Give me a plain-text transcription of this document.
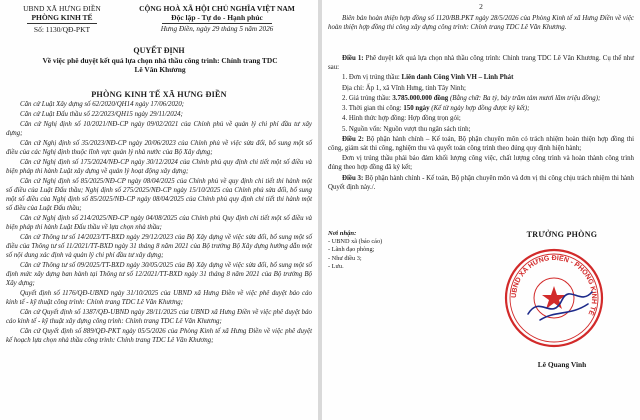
UBND XÃ HƯNG ĐIỀN
PHÒNG KINH TẾ
Số: 1130/QĐ-PKT
CỘNG HOÀ XÃ HỘI CHỦ NGHĨA VIỆT NAM
Độc lập - Tự do - Hạnh phúc
Hưng Điền, ngày 29 tháng 5 năm 2026
QUYẾT ĐỊNH
Về việc phê duyệt kết quả lựa chọn nhà thầu công trình: Chỉnh trang TDC Lê Văn Khương
PHÒNG KINH TẾ XÃ HƯNG ĐIỀN

Căn cứ Luật Xây dựng số 62/2020/QH14 ngày 17/06/2020;

Căn cứ Luật Đấu thầu số 22/2023/QH15 ngày 29/11/2024;

Căn cứ Nghị định số 10/2021/NĐ-CP ngày 09/02/2021 của Chính phủ về quản lý chi phí đầu tư xây dựng;

Căn cứ Nghị định số 35/2023/NĐ-CP ngày 20/06/2023 của Chính phủ về việc sửa đổi, bổ sung một số điều của các Nghị định thuộc lĩnh vực quản lý nhà nước của Bộ Xây dựng;

Căn cứ Nghị định số 175/2024/NĐ-CP ngày 30/12/2024 của Chính phủ quy định chi tiết một số điều và biện pháp thi hành Luật xây dựng về quản lý hoạt động xây dựng;

Căn cứ Nghị định số 85/2025/NĐ-CP ngày 08/04/2025 của Chính phủ về quy định chi tiết thi hành một số điều của Luật Đấu thầu; Nghị định số 275/2025/NĐ-CP ngày 15/10/2025 của Chính phủ sửa đổi, bổ sung một số điều của Nghị định số 85/2025/NĐ-CP ngày 08/04/2025 của Chính phủ quy định chi tiết thi hành một số điều của Luật Đấu thầu;

Căn cứ Nghị định số 214/2025/NĐ-CP ngày 04/08/2025 của Chính phủ Quy định chi tiết một số điều và biện pháp thi hành Luật Đấu thầu về lựa chọn nhà thầu;

Căn cứ Thông tư số 14/2023/TT-BXD ngày 29/12/2023 của Bộ Xây dựng về việc sửa đổi, bổ sung một số điều của Thông tư số 11/2021/TT-BXD ngày 31 tháng 8 năm 2021 của Bộ trưởng Bộ Xây dựng hướng dẫn một số nội dung xác định và quản lý chi phí đầu tư xây dựng;

Căn cứ Thông tư số 09/2025/TT-BXD ngày 30/05/2025 của Bộ Xây dựng về việc sửa đổi, bổ sung một số định mức xây dựng ban hành tại Thông tư số 12/2021/TT-BXD ngày 31 tháng 8 năm 2021 của Bộ trưởng Bộ Xây dựng;

Quyết định số 1176/QĐ-UBND ngày 31/10/2025 của UBND xã Hưng Điền về việc phê duyệt báo cáo kinh tế - kỹ thuật công trình: Chỉnh trang TDC Lê Văn Khương;

Căn cứ Quyết định số 1387/QĐ-UBND ngày 28/11/2025 của UBND xã Hưng Điền về việc phê duyệt báo cáo kinh tế - kỹ thuật xây dựng công trình: Chỉnh trang TDC Lê Văn Khương;

Căn cứ Quyết định số 889/QĐ-PKT ngày 05/5/2026 của Phòng Kinh tế xã Hưng Điền về việc phê duyệt kế hoạch lựa chọn nhà thầu công trình: Chỉnh trang TDC Lê Văn Khương;

2

Biên bản hoàn thiện hợp đồng số 1120/BB.PKT ngày 28/5/2026 của Phòng Kinh tế xã Hưng Điền về việc hoàn thiện hợp đồng thi công xây dựng công trình: Chỉnh trang TDC Lê Văn Khương.

Điều 1: Phê duyệt kết quả lựa chọn nhà thầu công trình: Chỉnh trang TDC Lê Văn Khương. Cụ thể như sau:

1. Đơn vị trúng thầu: Liên danh Công Vinh VH – Linh Phát

Địa chỉ: Ấp 1, xã Vĩnh Hưng, tỉnh Tây Ninh;

2. Giá trúng thầu: 3.785.000.000 đồng (Bằng chữ: Ba tỷ, bảy trăm tám mươi lăm triệu đồng);

3. Thời gian thi công: 150 ngày (Kể từ ngày hợp đồng được ký kết);

4. Hình thức hợp đồng: Hợp đồng trọn gói;

5. Nguồn vốn: Nguồn vượt thu ngân sách tỉnh;

Điều 2: Bộ phận hành chính – Kế toán, Bộ phận chuyên môn có trách nhiệm hoàn thiện hợp đồng thi công, giám sát thi công, nghiệm thu và quyết toán công trình theo đúng quy định hiện hành;

Đơn vị trúng thầu phải bảo đảm khối lượng công việc, chất lượng công trình và hoàn thành công trình đúng theo hợp đồng đã ký kết;

Điều 3: Bộ phận hành chính - Kế toán, Bộ phận chuyên môn và đơn vị thi công chịu trách nhiệm thi hành Quyết định này./.

Nơi nhận:
- UBND xã (báo cáo)
- Lãnh đạo phòng;
- Như điều 3;
- Lưu.
TRƯỞNG PHÒNG
UBND XÃ HƯNG ĐIỀN - PHÒNG KINH TẾ
Lê Quang Vinh
